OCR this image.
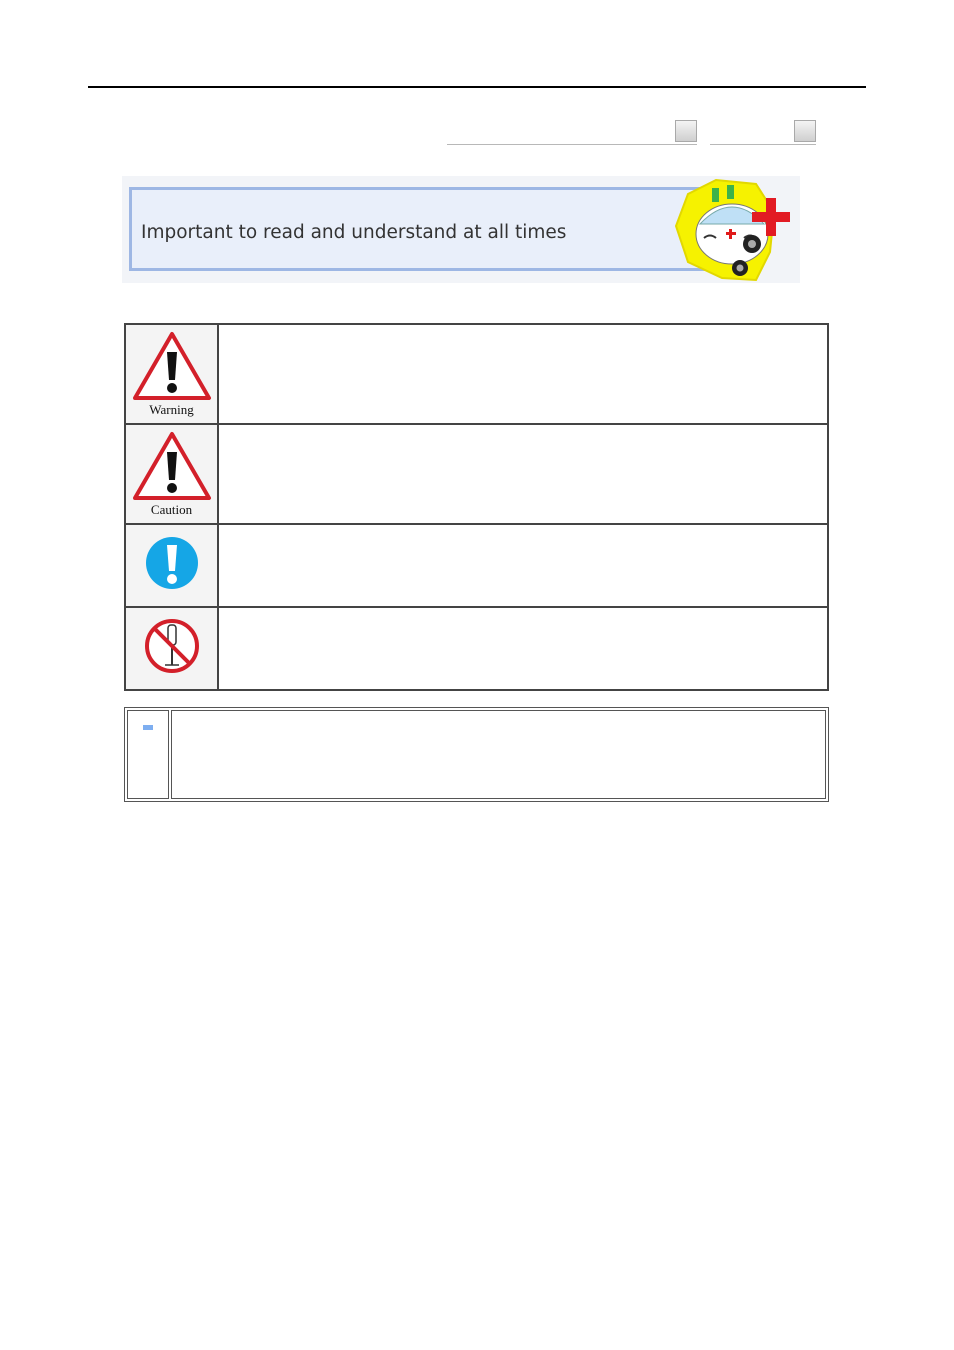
Important to read and understand at all times
Warning	

Caution	
